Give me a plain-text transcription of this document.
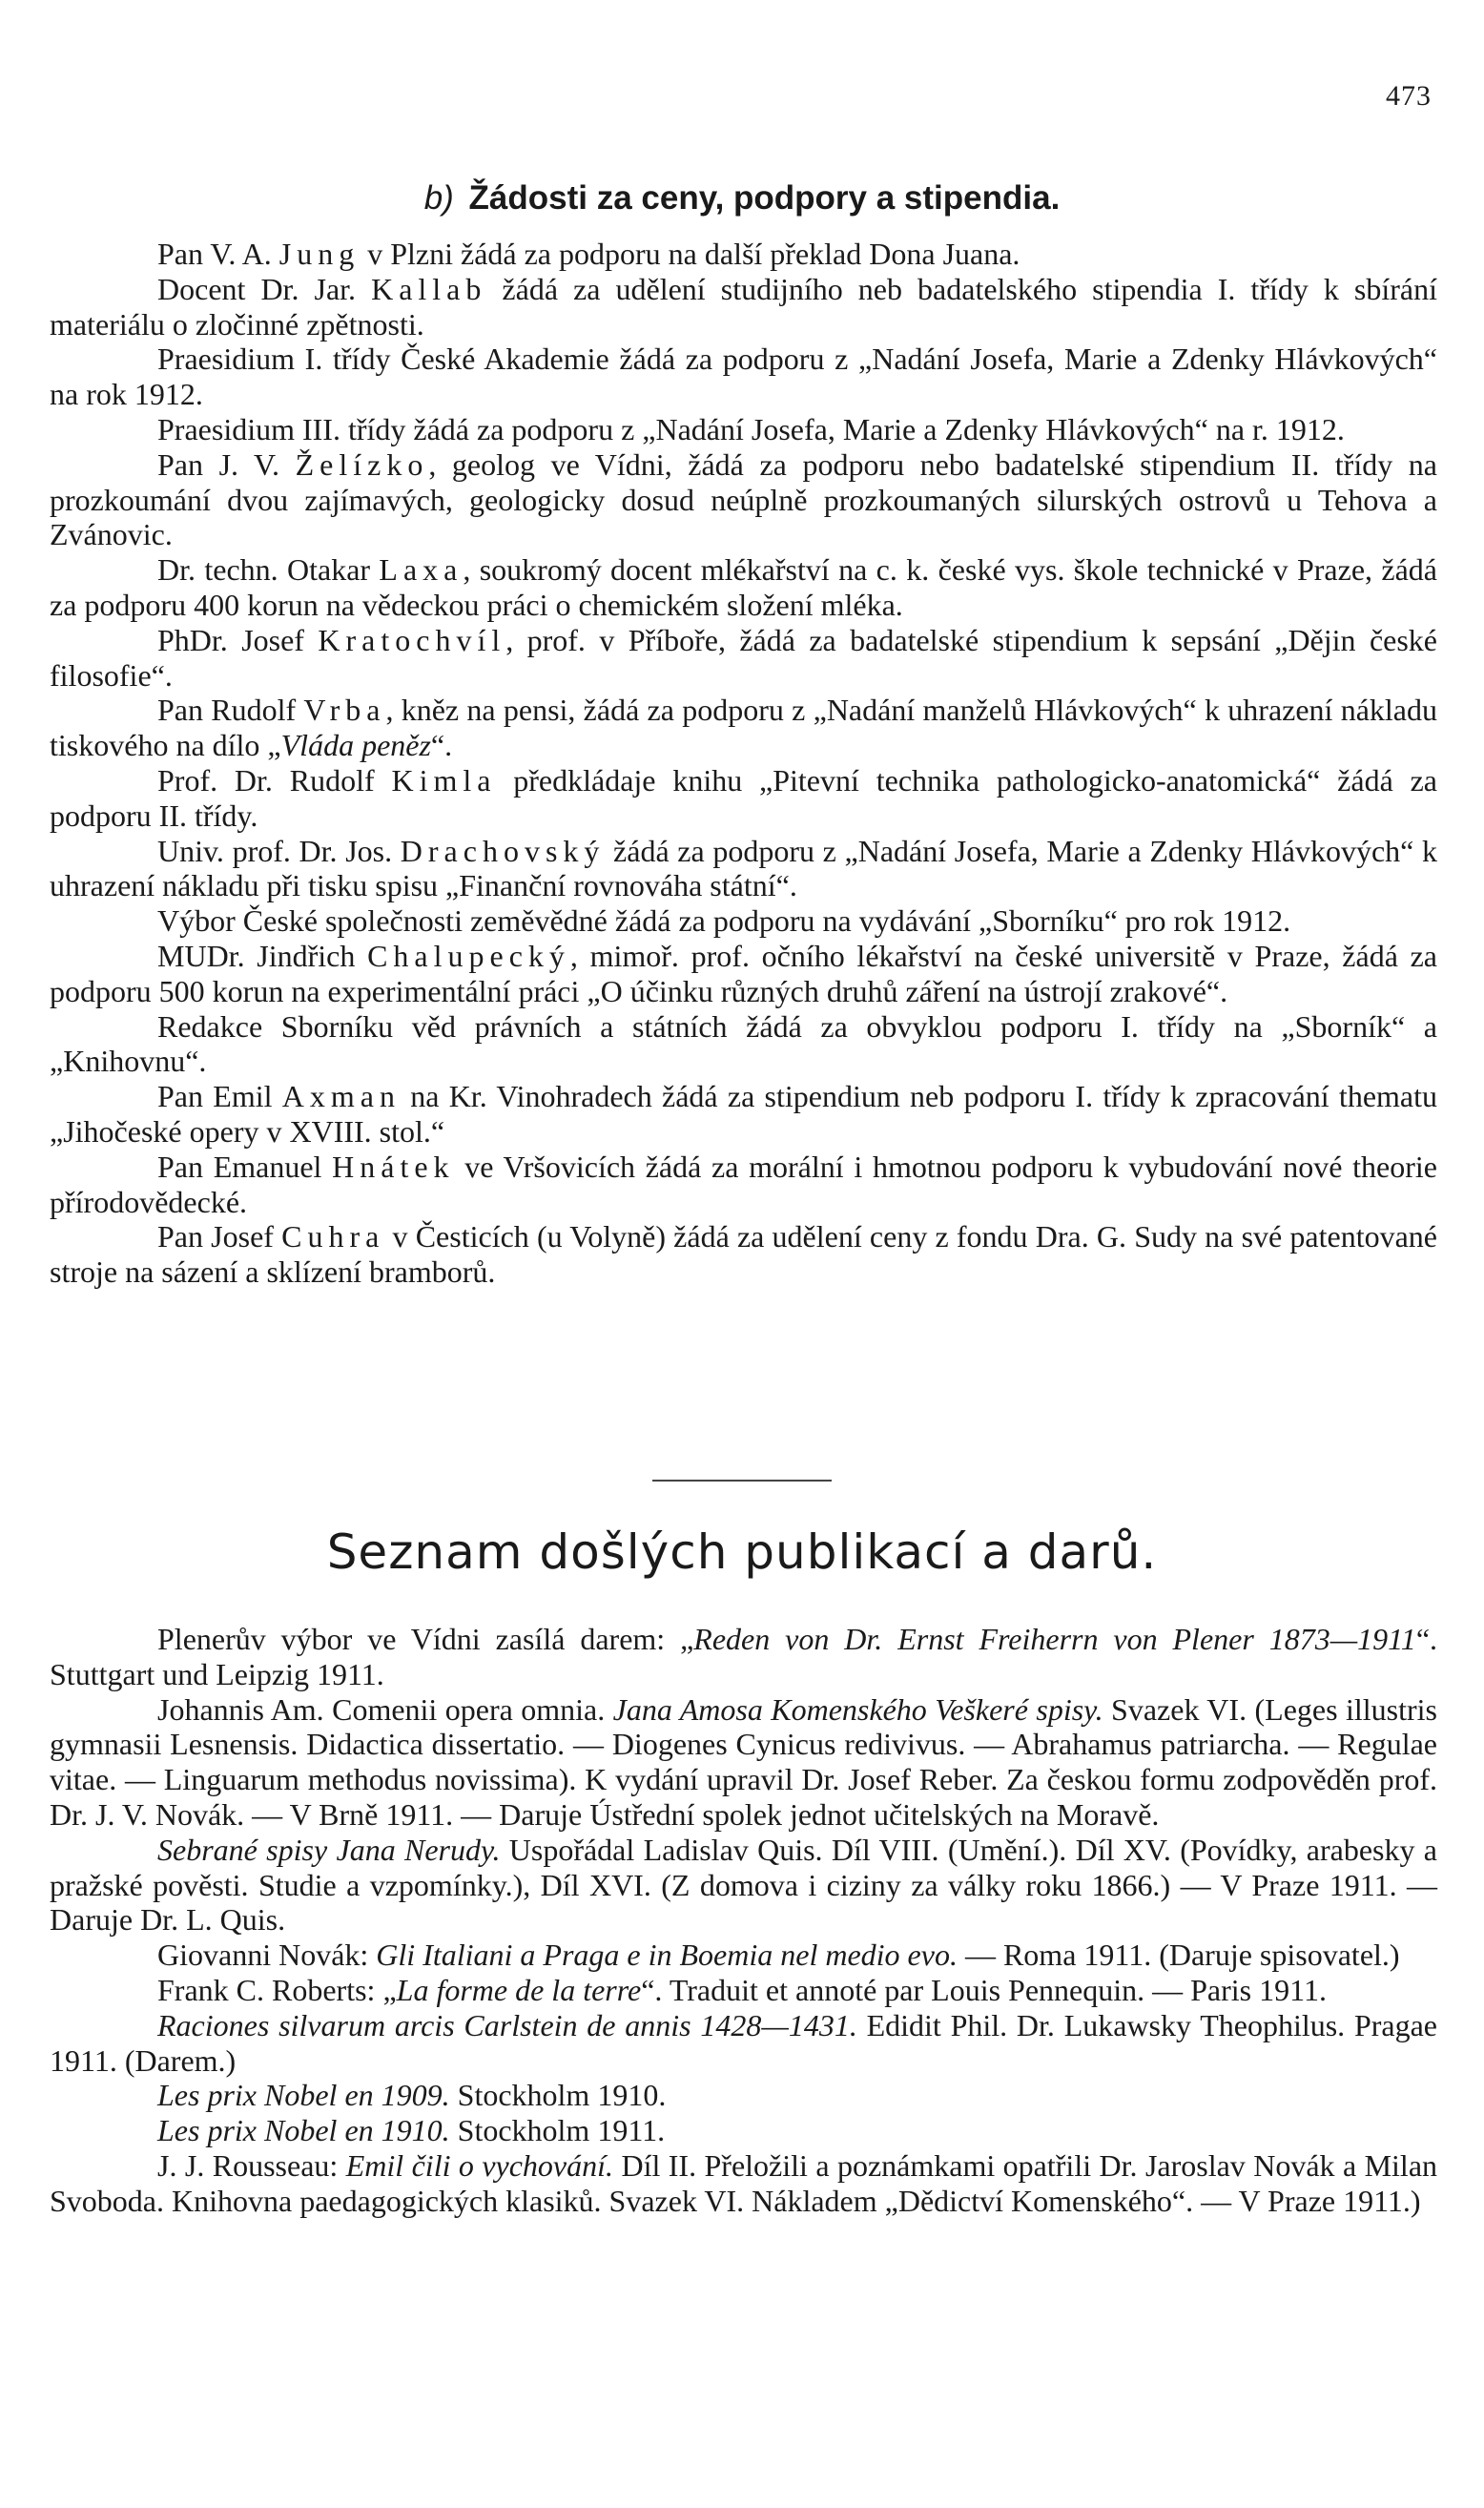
473
b) Žádosti za ceny, podpory a stipendia.

Pan V. A. Jung v Plzni žádá za podporu na další překlad Dona Juana.

Docent Dr. Jar. Kallab žádá za udělení studijního neb badatelského stipendia I. třídy k sbírání materiálu o zločinné zpětnosti.

Praesidium I. třídy České Akademie žádá za podporu z „Nadání Josefa, Marie a Zdenky Hlávkových“ na rok 1912.

Praesidium III. třídy žádá za podporu z „Nadání Josefa, Marie a Zdenky Hlávkových“ na r. 1912.

Pan J. V. Želízko, geolog ve Vídni, žádá za podporu nebo badatelské stipendium II. třídy na prozkoumání dvou zajímavých, geologicky dosud neúplně prozkoumaných silurských ostrovů u Tehova a Zvánovic.

Dr. techn. Otakar Laxa, soukromý docent mlékařství na c. k. české vys. škole technické v Praze, žádá za podporu 400 korun na vědeckou práci o chemickém složení mléka.

PhDr. Josef Kratochvíl, prof. v Příboře, žádá za badatelské stipendium k sepsání „Dějin české filosofie“.

Pan Rudolf Vrba, kněz na pensi, žádá za podporu z „Nadání manželů Hlávkových“ k uhrazení nákladu tiskového na dílo „Vláda peněz“.

Prof. Dr. Rudolf Kimla předkládaje knihu „Pitevní technika pathologicko-anatomická“ žádá za podporu II. třídy.

Univ. prof. Dr. Jos. Drachovský žádá za podporu z „Nadání Josefa, Marie a Zdenky Hlávkových“ k uhrazení nákladu při tisku spisu „Finanční rovnováha státní“.

Výbor České společnosti zeměvědné žádá za podporu na vydávání „Sborníku“ pro rok 1912.

MUDr. Jindřich Chalupecký, mimoř. prof. očního lékařství na české universitě v Praze, žádá za podporu 500 korun na experimentální práci „O účinku různých druhů záření na ústrojí zrakové“.

Redakce Sborníku věd právních a státních žádá za obvyklou podporu I. třídy na „Sborník“ a „Knihovnu“.

Pan Emil Axman na Kr. Vinohradech žádá za stipendium neb podporu I. třídy k zpracování thematu „Jihočeské opery v XVIII. stol.“

Pan Emanuel Hnátek ve Vršovicích žádá za morální i hmotnou podporu k vybudování nové theorie přírodovědecké.

Pan Josef Cuhra v Česticích (u Volyně) žádá za udělení ceny z fondu Dra. G. Sudy na své patentované stroje na sázení a sklízení bramborů.

Seznam došlých publikací a darů.

Plenerův výbor ve Vídni zasílá darem: „Reden von Dr. Ernst Freiherrn von Plener 1873—1911“. Stuttgart und Leipzig 1911.

Johannis Am. Comenii opera omnia. Jana Amosa Komenského Veškeré spisy. Svazek VI. (Leges illustris gymnasii Lesnensis. Didactica dissertatio. — Diogenes Cynicus redivivus. — Abrahamus patriarcha. — Regulae vitae. — Linguarum methodus novissima). K vydání upravil Dr. Josef Reber. Za českou formu zodpověděn prof. Dr. J. V. Novák. — V Brně 1911. — Daruje Ústřední spolek jednot učitelských na Moravě.

Sebrané spisy Jana Nerudy. Uspořádal Ladislav Quis. Díl VIII. (Umění.). Díl XV. (Povídky, arabesky a pražské pověsti. Studie a vzpomínky.), Díl XVI. (Z domova i ciziny za války roku 1866.) — V Praze 1911. — Daruje Dr. L. Quis.

Giovanni Novák: Gli Italiani a Praga e in Boemia nel medio evo. — Roma 1911. (Daruje spisovatel.)

Frank C. Roberts: „La forme de la terre“. Traduit et annoté par Louis Pennequin. — Paris 1911.

Raciones silvarum arcis Carlstein de annis 1428—1431. Edidit Phil. Dr. Lukawsky Theophilus. Pragae 1911. (Darem.)

Les prix Nobel en 1909. Stockholm 1910.

Les prix Nobel en 1910. Stockholm 1911.

J. J. Rousseau: Emil čili o vychování. Díl II. Přeložili a poznámkami opatřili Dr. Jaroslav Novák a Milan Svoboda. Knihovna paedagogických klasiků. Svazek VI. Nákladem „Dědictví Komenského“. — V Praze 1911.)
